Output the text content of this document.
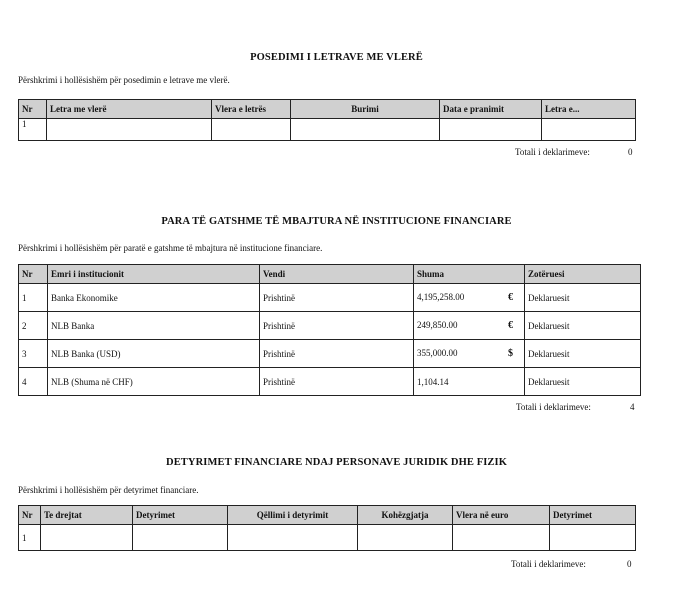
POSEDIMI I LETRAVE ME VLERË
Përshkrimi i hollësishëm për posedimin e letrave me vlerë.
Nr	Letra me vlerë	Vlera e letrës	Burimi	Data e pranimit	Letra e...
1					
Totali i deklarimeve:	0
PARA TË GATSHME TË MBAJTURA NË INSTITUCIONE FINANCIARE
Përshkrimi i hollësishëm për paratë e gatshme të mbajtura në institucione financiare.
Nr	Emri i institucionit	Vendi	Shuma	Zotëruesi
1	Banka Ekonomike	Prishtinë	4,195,258.00 €	Deklaruesit
2	NLB Banka	Prishtinë	249,850.00 €	Deklaruesit
3	NLB Banka (USD)	Prishtinë	355,000.00 $	Deklaruesit
4	NLB (Shuma në CHF)	Prishtinë	1,104.14	Deklaruesit
Totali i deklarimeve:	4
DETYRIMET FINANCIARE NDAJ PERSONAVE JURIDIK DHE FIZIK
Përshkrimi i hollësishëm për detyrimet financiare.
Nr	Te drejtat	Detyrimet	Qëllimi i detyrimit	Kohëzgjatja	Vlera në euro	Detyrimet
1						
Totali i deklarimeve:	0
